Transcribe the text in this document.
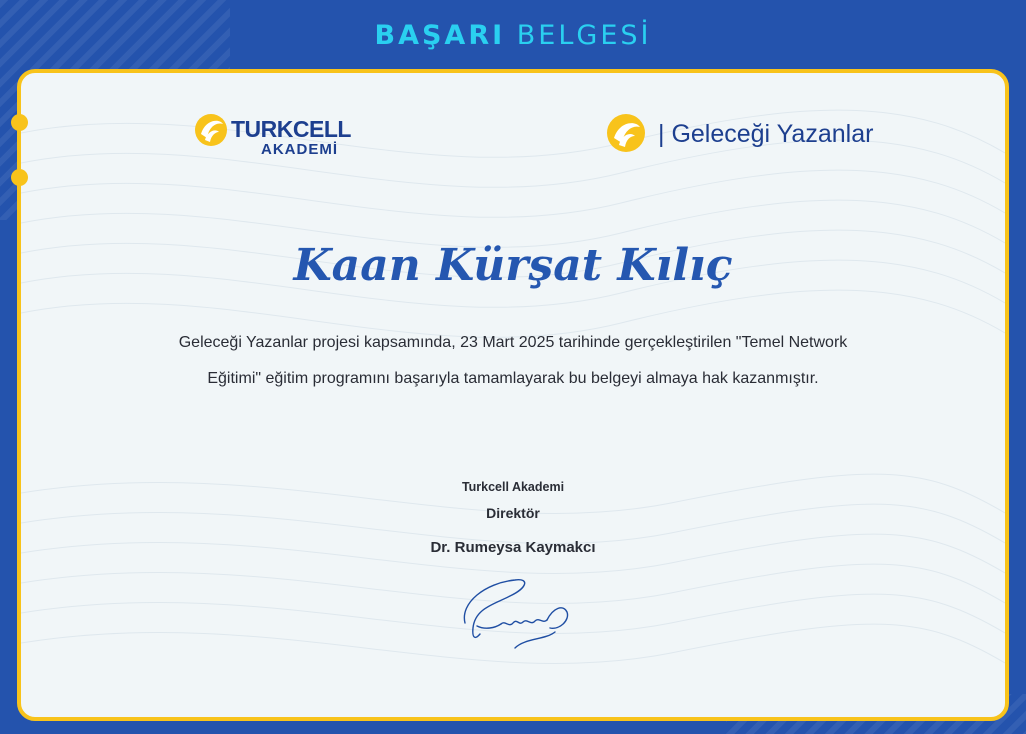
BAŞARI BELGESİ
TURKCELL
AKADEMİ
| Geleceği Yazanlar
Kaan Kürşat Kılıç
Geleceği Yazanlar projesi kapsamında, 23 Mart 2025 tarihinde gerçekleştirilen "Temel Network Eğitimi" eğitim programını başarıyla tamamlayarak bu belgeyi almaya hak kazanmıştır.
Turkcell Akademi
Direktör
Dr. Rumeysa Kaymakcı
